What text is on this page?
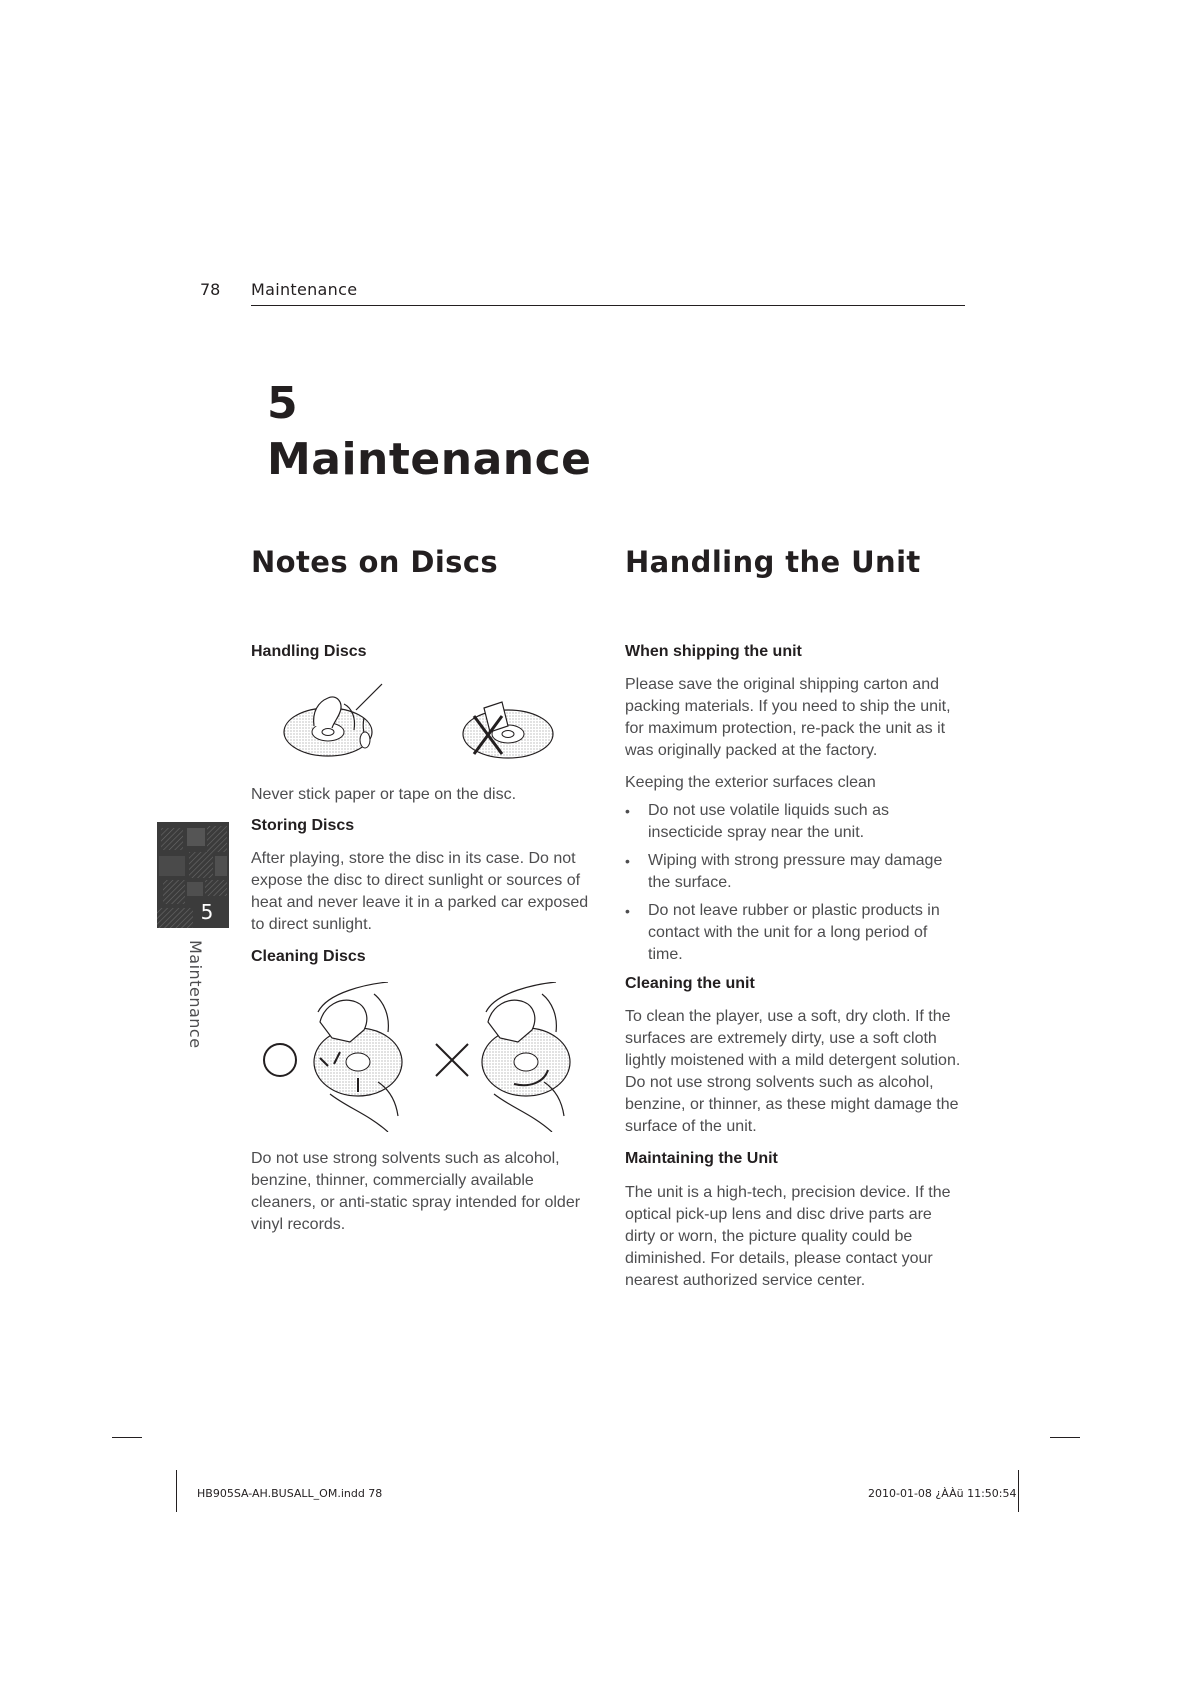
78 Maintenance
5
Maintenance
5
Maintenance
Notes on Discs
Handling Discs

Never stick paper or tape on the disc.

Storing Discs

After playing, store the disc in its case. Do not expose the disc to direct sunlight or sources of heat and never leave it in a parked car exposed to direct sunlight.

Cleaning Discs

Do not use strong solvents such as alcohol, benzine, thinner, commercially available cleaners, or anti-static spray intended for older vinyl records.

Handling the Unit
When shipping the unit

Please save the original shipping carton and packing materials. If you need to ship the unit, for maximum protection, re-pack the unit as it was originally packed at the factory.

Keeping the exterior surfaces clean

• Do not use volatile liquids such as insecticide spray near the unit.
• Wiping with strong pressure may damage the surface.
• Do not leave rubber or plastic products in contact with the unit for a long period of time.
Cleaning the unit

To clean the player, use a soft, dry cloth. If the surfaces are extremely dirty, use a soft cloth lightly moistened with a mild detergent solution. Do not use strong solvents such as alcohol, benzine, or thinner, as these might damage the surface of the unit.

Maintaining the Unit

The unit is a high-tech, precision device. If the optical pick-up lens and disc drive parts are dirty or worn, the picture quality could be diminished. For details, please contact your nearest authorized service center.

HB905SA-AH.BUSALL_OM.indd 78	2010-01-08 ¿ÀÀü 11:50:54
